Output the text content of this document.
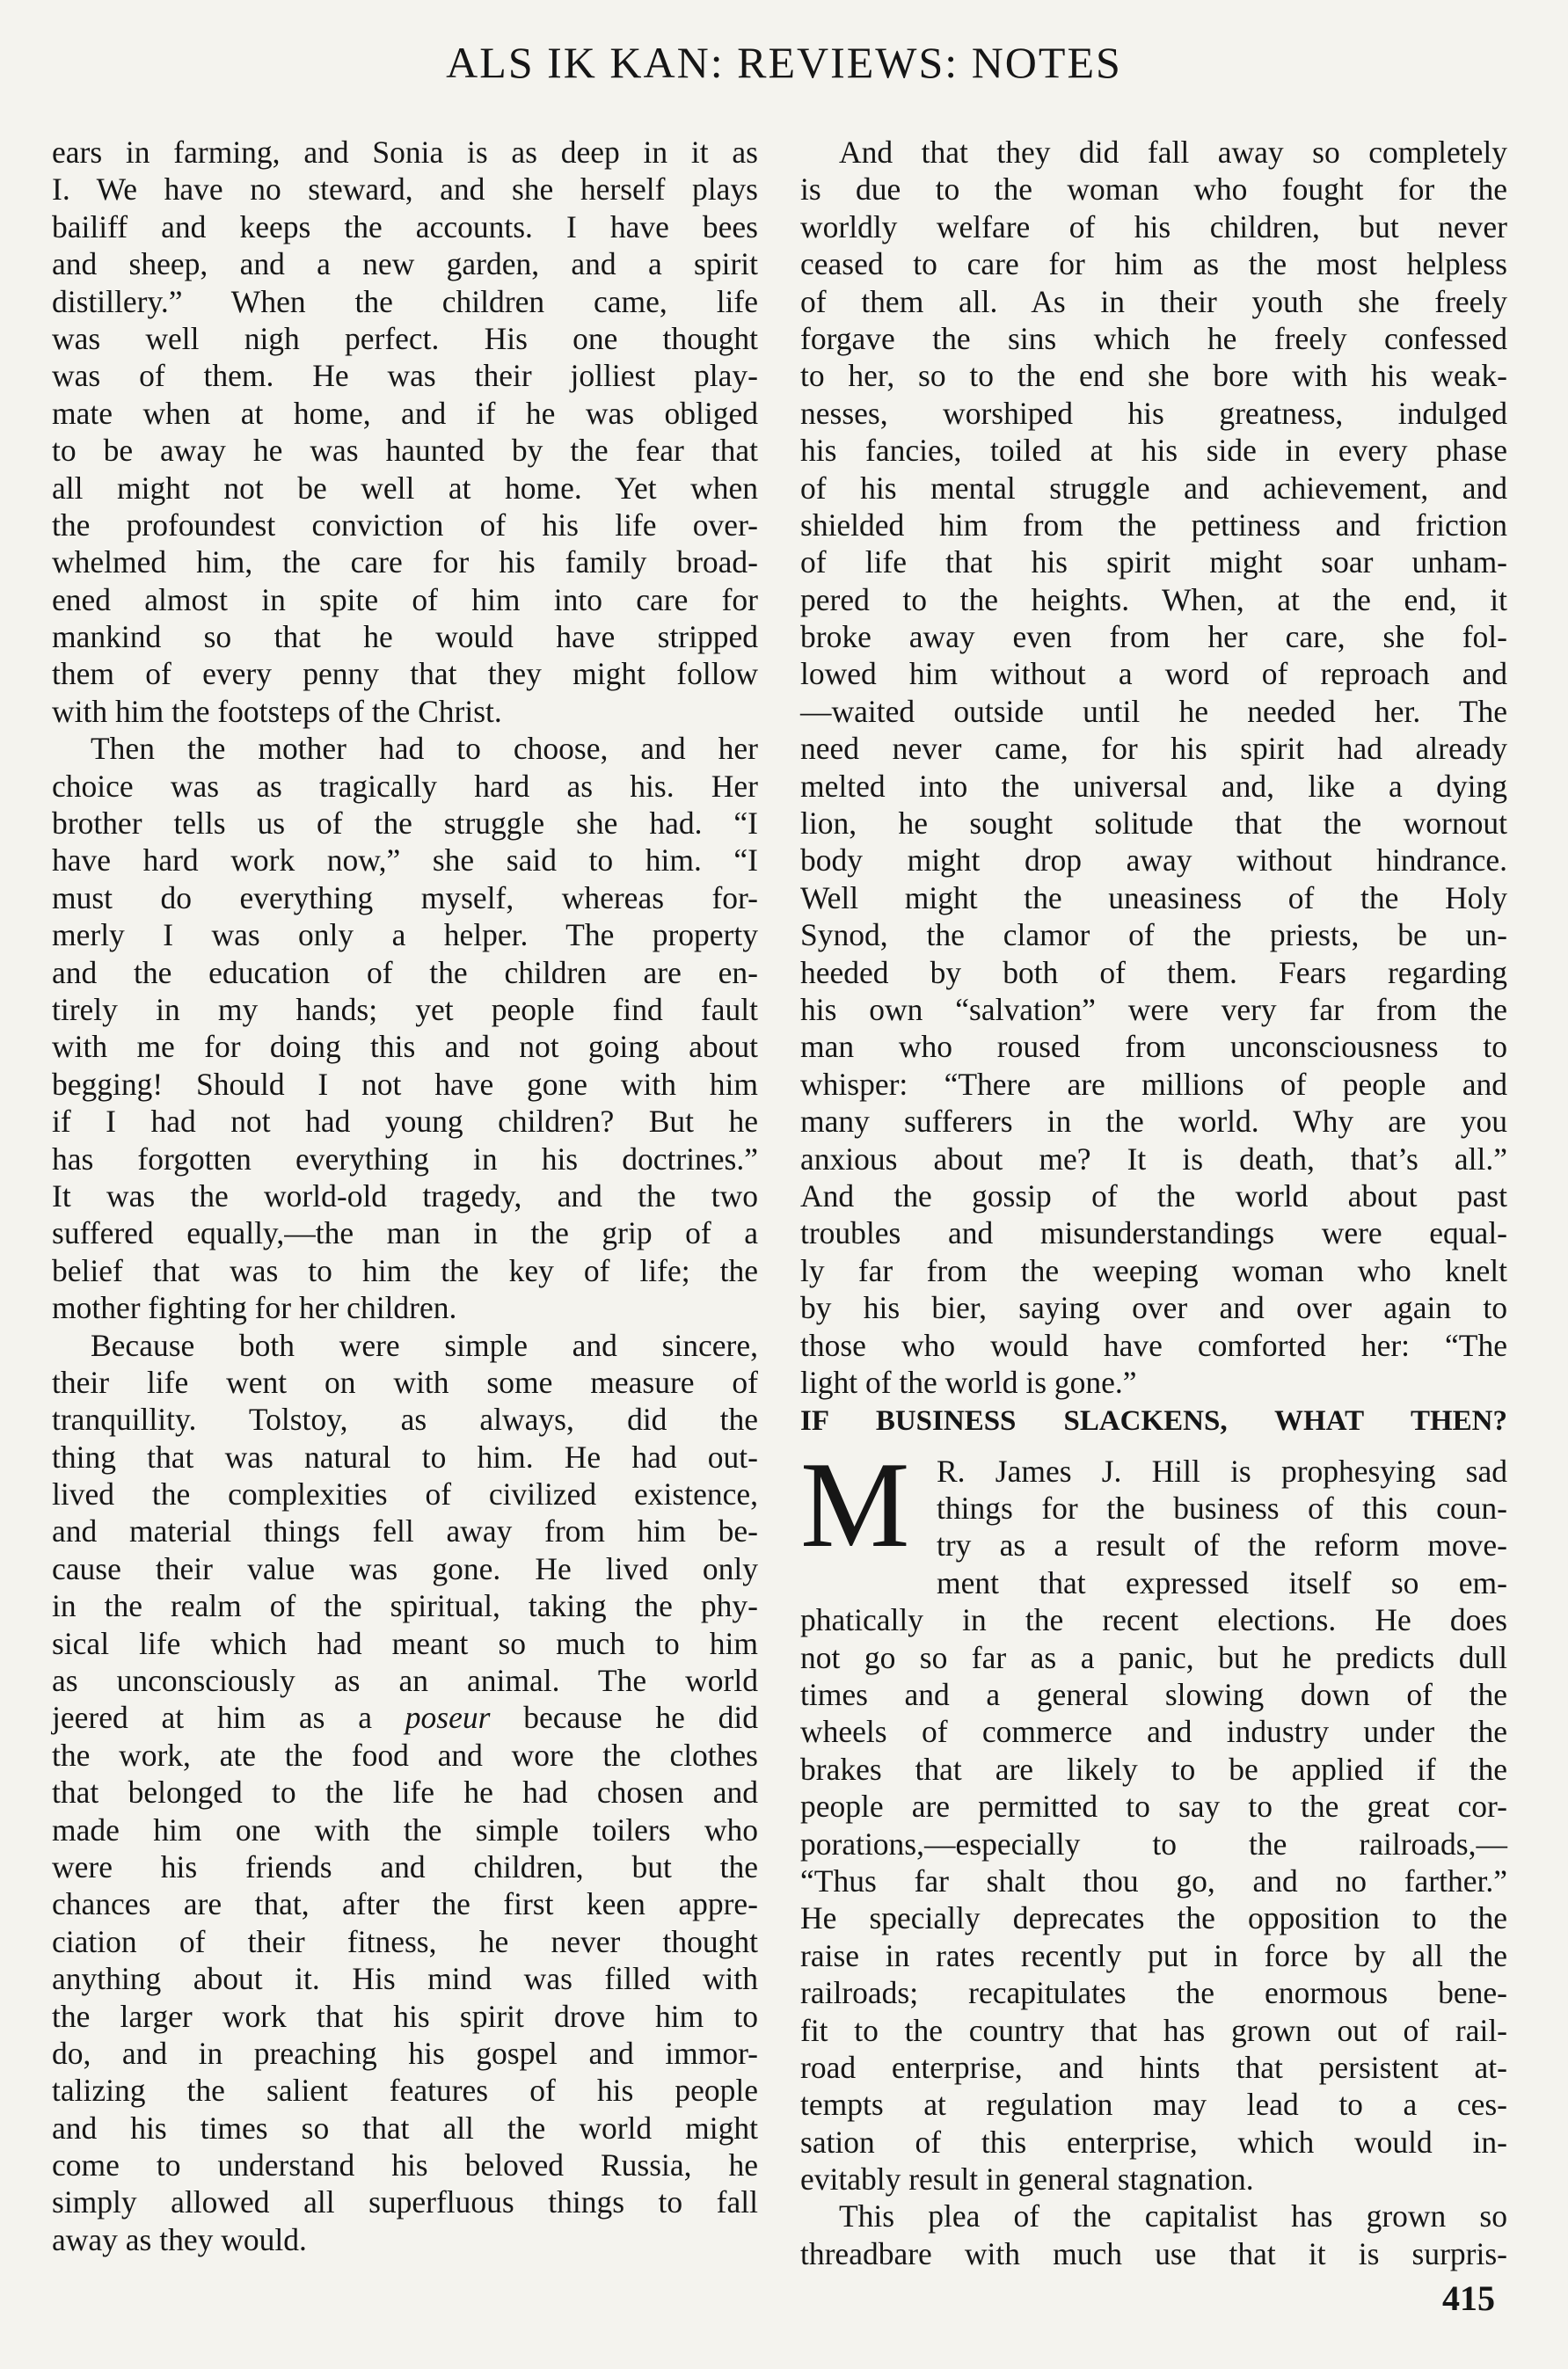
ALS IK KAN: REVIEWS: NOTES
ears in farming, and Sonia is as deep in it as
I. We have no steward, and she herself plays
bailiff and keeps the accounts. I have bees
and sheep, and a new garden, and a spirit
distillery.” When the children came, life
was well nigh perfect. His one thought
was of them. He was their jolliest play-
mate when at home, and if he was obliged
to be away he was haunted by the fear that
all might not be well at home. Yet when
the profoundest conviction of his life over-
whelmed him, the care for his family broad-
ened almost in spite of him into care for
mankind so that he would have stripped
them of every penny that they might follow
with him the footsteps of the Christ.
Then the mother had to choose, and her
choice was as tragically hard as his. Her
brother tells us of the struggle she had. “I
have hard work now,” she said to him. “I
must do everything myself, whereas for-
merly I was only a helper. The property
and the education of the children are en-
tirely in my hands; yet people find fault
with me for doing this and not going about
begging! Should I not have gone with him
if I had not had young children? But he
has forgotten everything in his doctrines.”
It was the world-old tragedy, and the two
suffered equally,—the man in the grip of a
belief that was to him the key of life; the
mother fighting for her children.
Because both were simple and sincere,
their life went on with some measure of
tranquillity. Tolstoy, as always, did the
thing that was natural to him. He had out-
lived the complexities of civilized existence,
and material things fell away from him be-
cause their value was gone. He lived only
in the realm of the spiritual, taking the phy-
sical life which had meant so much to him
as unconsciously as an animal. The world
jeered at him as a poseur because he did
the work, ate the food and wore the clothes
that belonged to the life he had chosen and
made him one with the simple toilers who
were his friends and children, but the
chances are that, after the first keen appre-
ciation of their fitness, he never thought
anything about it. His mind was filled with
the larger work that his spirit drove him to
do, and in preaching his gospel and immor-
talizing the salient features of his people
and his times so that all the world might
come to understand his beloved Russia, he
simply allowed all superfluous things to fall
away as they would.
And that they did fall away so completely
is due to the woman who fought for the
worldly welfare of his children, but never
ceased to care for him as the most helpless
of them all. As in their youth she freely
forgave the sins which he freely confessed
to her, so to the end she bore with his weak-
nesses, worshiped his greatness, indulged
his fancies, toiled at his side in every phase
of his mental struggle and achievement, and
shielded him from the pettiness and friction
of life that his spirit might soar unham-
pered to the heights. When, at the end, it
broke away even from her care, she fol-
lowed him without a word of reproach and
—waited outside until he needed her. The
need never came, for his spirit had already
melted into the universal and, like a dying
lion, he sought solitude that the wornout
body might drop away without hindrance.
Well might the uneasiness of the Holy
Synod, the clamor of the priests, be un-
heeded by both of them. Fears regarding
his own “salvation” were very far from the
man who roused from unconsciousness to
whisper: “There are millions of people and
many sufferers in the world. Why are you
anxious about me? It is death, that’s all.”
And the gossip of the world about past
troubles and misunderstandings were equal-
ly far from the weeping woman who knelt
by his bier, saying over and over again to
those who would have comforted her: “The
light of the world is gone.”
IF BUSINESS SLACKENS, WHAT THEN?
M R. James J. Hill is prophesying sad
things for the business of this coun-
try as a result of the reform move-
ment that expressed itself so em-
phatically in the recent elections. He does
not go so far as a panic, but he predicts dull
times and a general slowing down of the
wheels of commerce and industry under the
brakes that are likely to be applied if the
people are permitted to say to the great cor-
porations,—especially to the railroads,—
“Thus far shalt thou go, and no farther.”
He specially deprecates the opposition to the
raise in rates recently put in force by all the
railroads; recapitulates the enormous bene-
fit to the country that has grown out of rail-
road enterprise, and hints that persistent at-
tempts at regulation may lead to a ces-
sation of this enterprise, which would in-
evitably result in general stagnation.
This plea of the capitalist has grown so
threadbare with much use that it is surpris-
415
